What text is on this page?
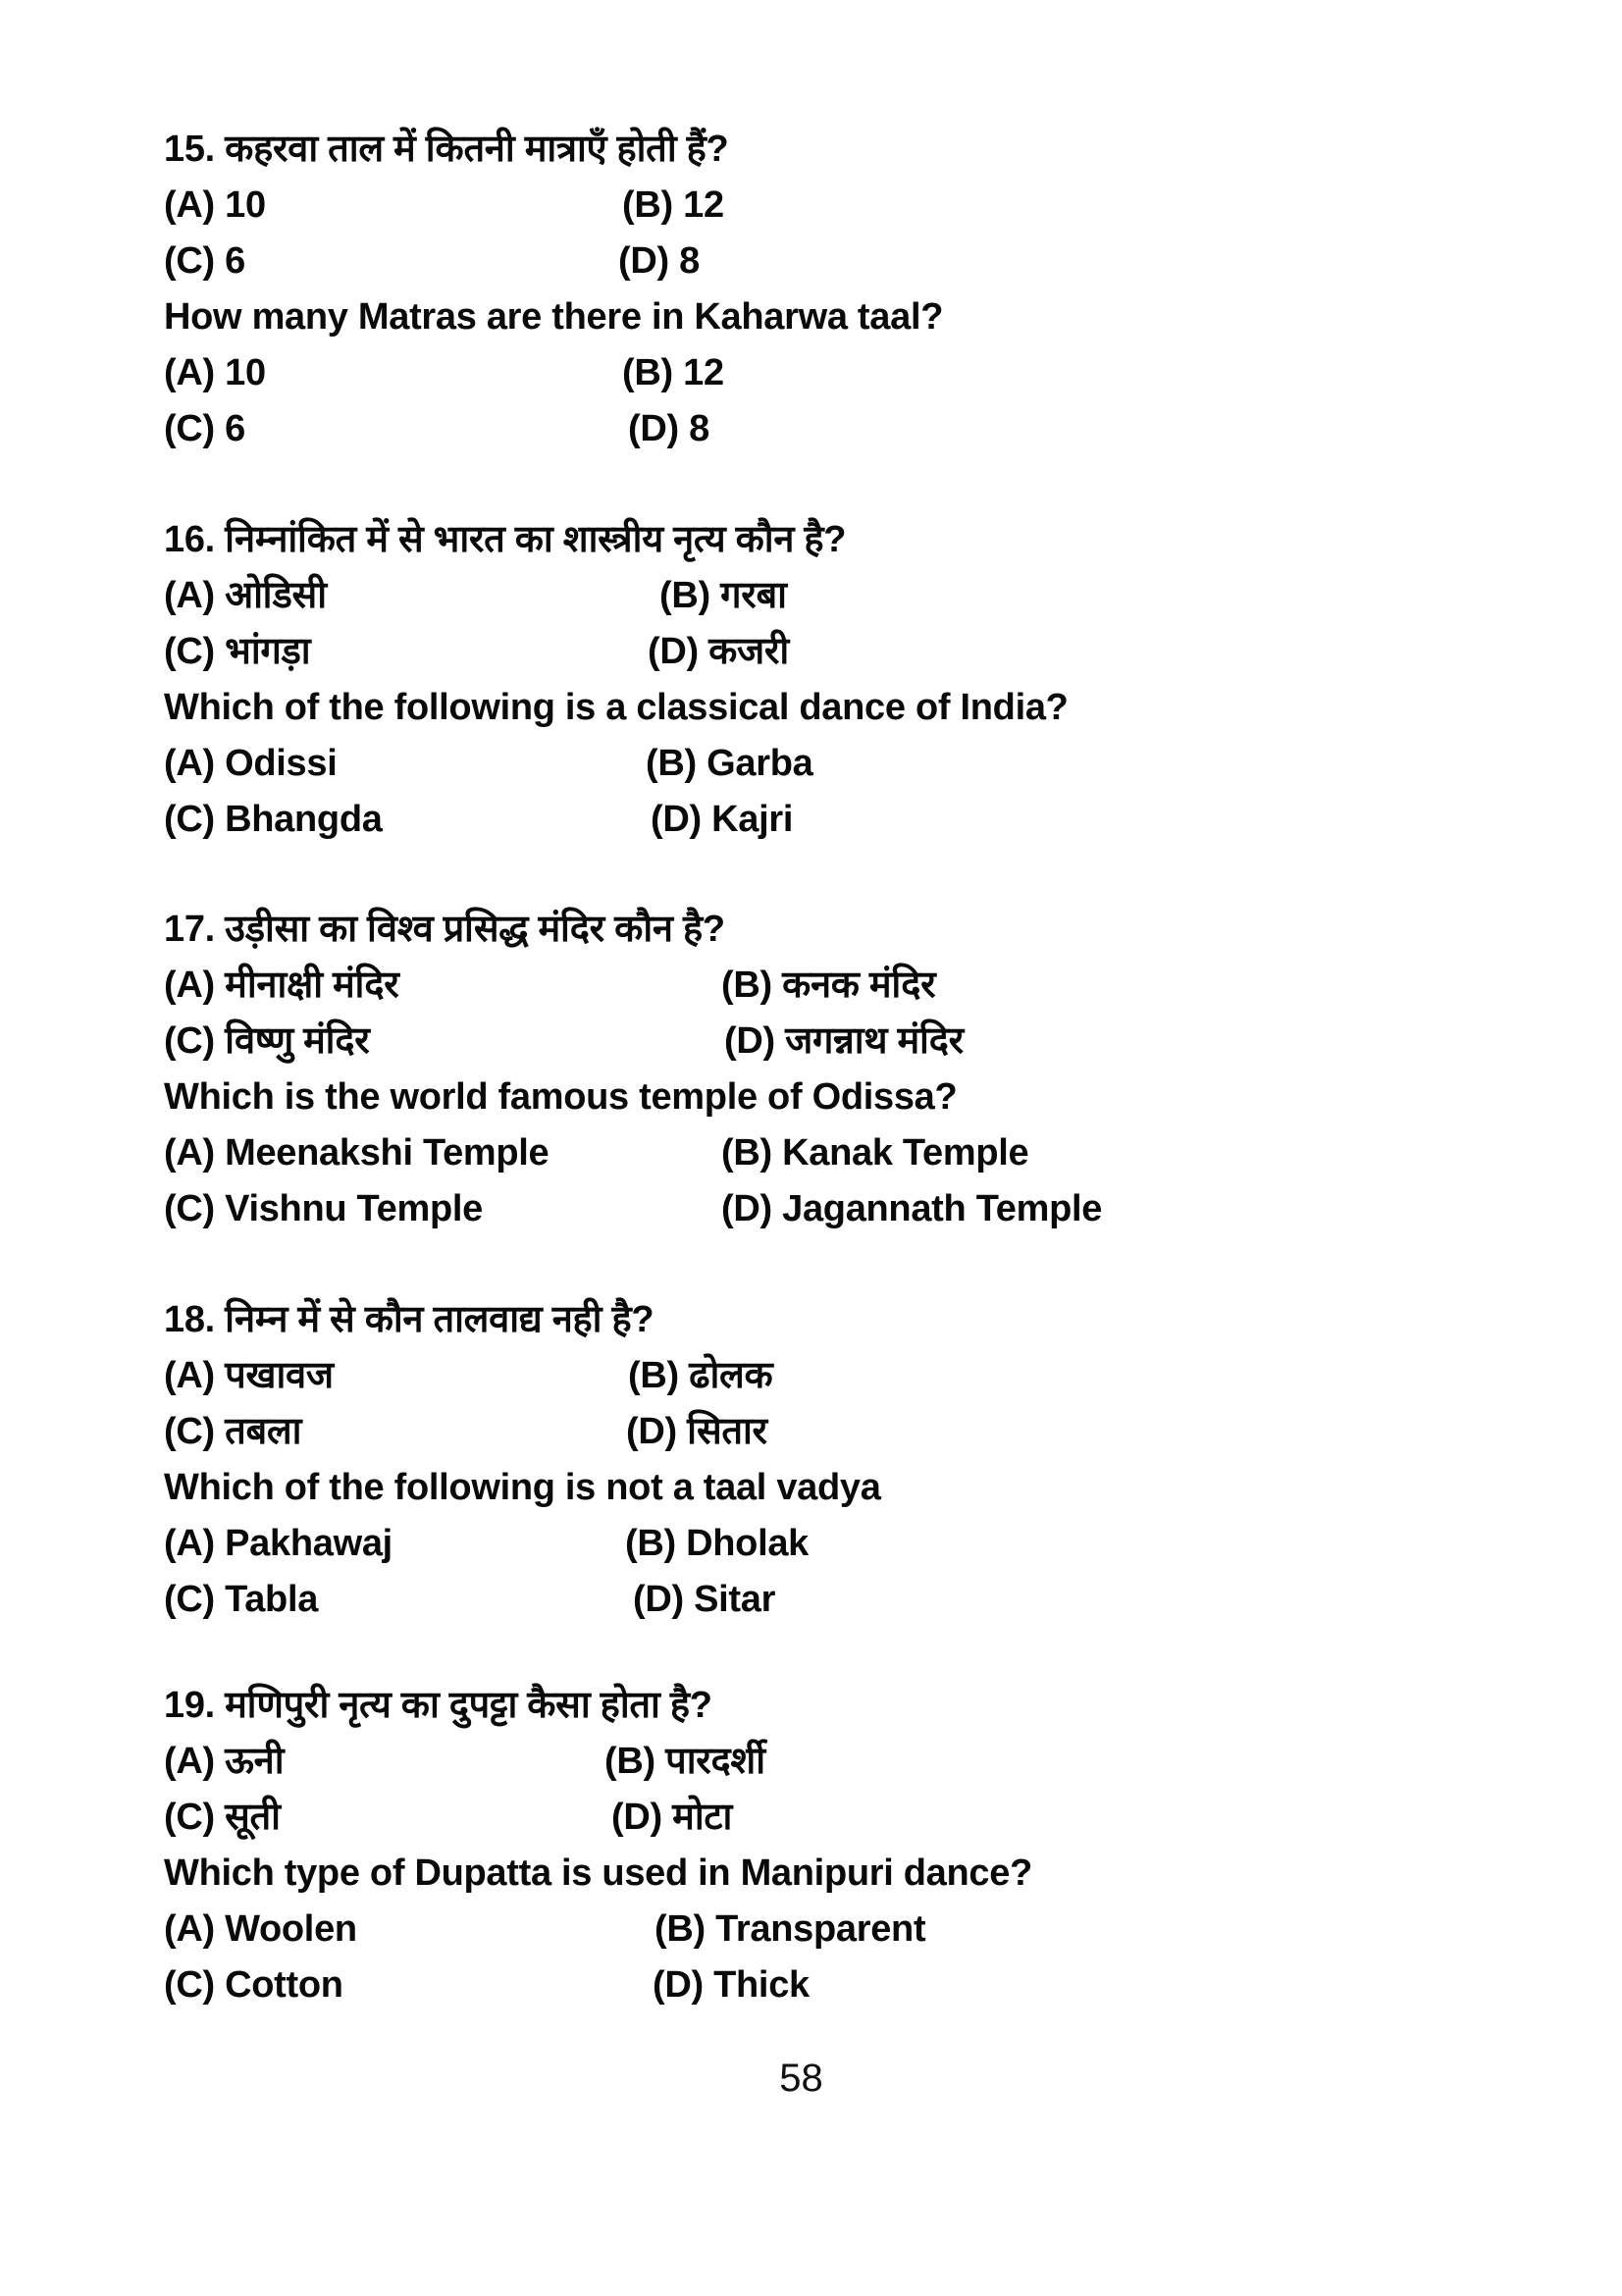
15. कहरवा ताल में कितनी मात्राएँ होती हैं?
(A) 10	(B) 12
(C) 6	(D) 8
How many Matras are there in Kaharwa taal?
(A) 10	(B) 12
(C) 6	(D) 8
16. निम्नांकित में से भारत का शास्त्रीय नृत्य कौन है?
(A) ओडिसी	(B) गरबा
(C) भांगड़ा	(D) कजरी
Which of the following is a classical dance of India?
(A) Odissi	(B) Garba
(C) Bhangda	(D) Kajri
17. उड़ीसा का विश्व प्रसिद्ध मंदिर कौन है?
(A) मीनाक्षी मंदिर	(B) कनक मंदिर
(C) विष्णु मंदिर	(D) जगन्नाथ मंदिर
Which is the world famous temple of Odissa?
(A) Meenakshi Temple	(B) Kanak Temple
(C) Vishnu Temple	(D) Jagannath Temple
18. निम्न में से कौन तालवाद्य नही है?
(A) पखावज	(B) ढोलक
(C) तबला	(D) सितार
Which of the following is not a taal vadya
(A) Pakhawaj	(B) Dholak
(C) Tabla	(D) Sitar
19. मणिपुरी नृत्य का दुपट्टा कैसा होता है?
(A) ऊनी	(B) पारदर्शी
(C) सूती	(D) मोटा
Which type of Dupatta is used in Manipuri dance?
(A) Woolen	(B) Transparent
(C) Cotton	(D) Thick
58
